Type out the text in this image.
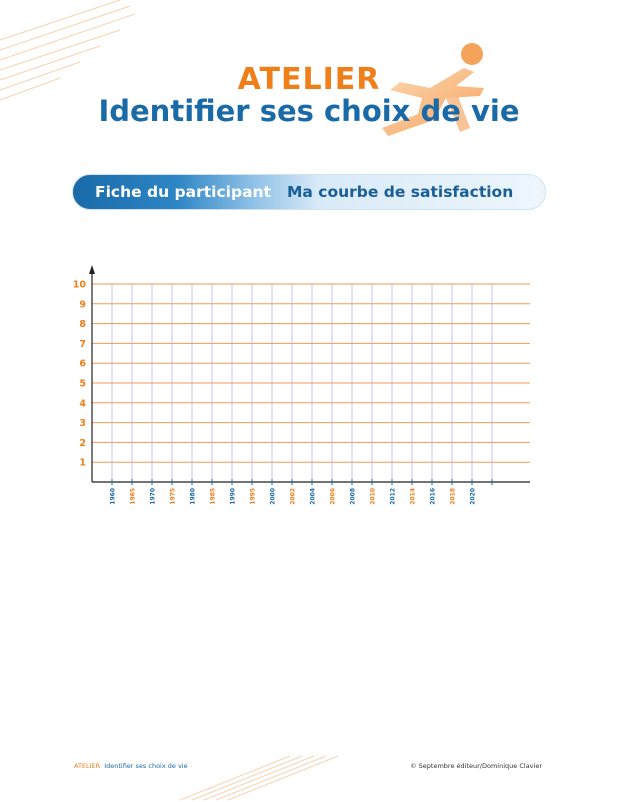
ATELIER
Identifier ses choix de vie
Fiche du participant Ma courbe de satisfaction
1
2
3
4
5
6
7
8
9
10
1960 1965 1970 1975 1980 1985 1990 1995 2000 2002 2004 2006 2008 2010 2012 2014 2016 2018 2020
ATELIER Identifier ses choix de vie	© Septembre éditeur/Dominique Clavier
